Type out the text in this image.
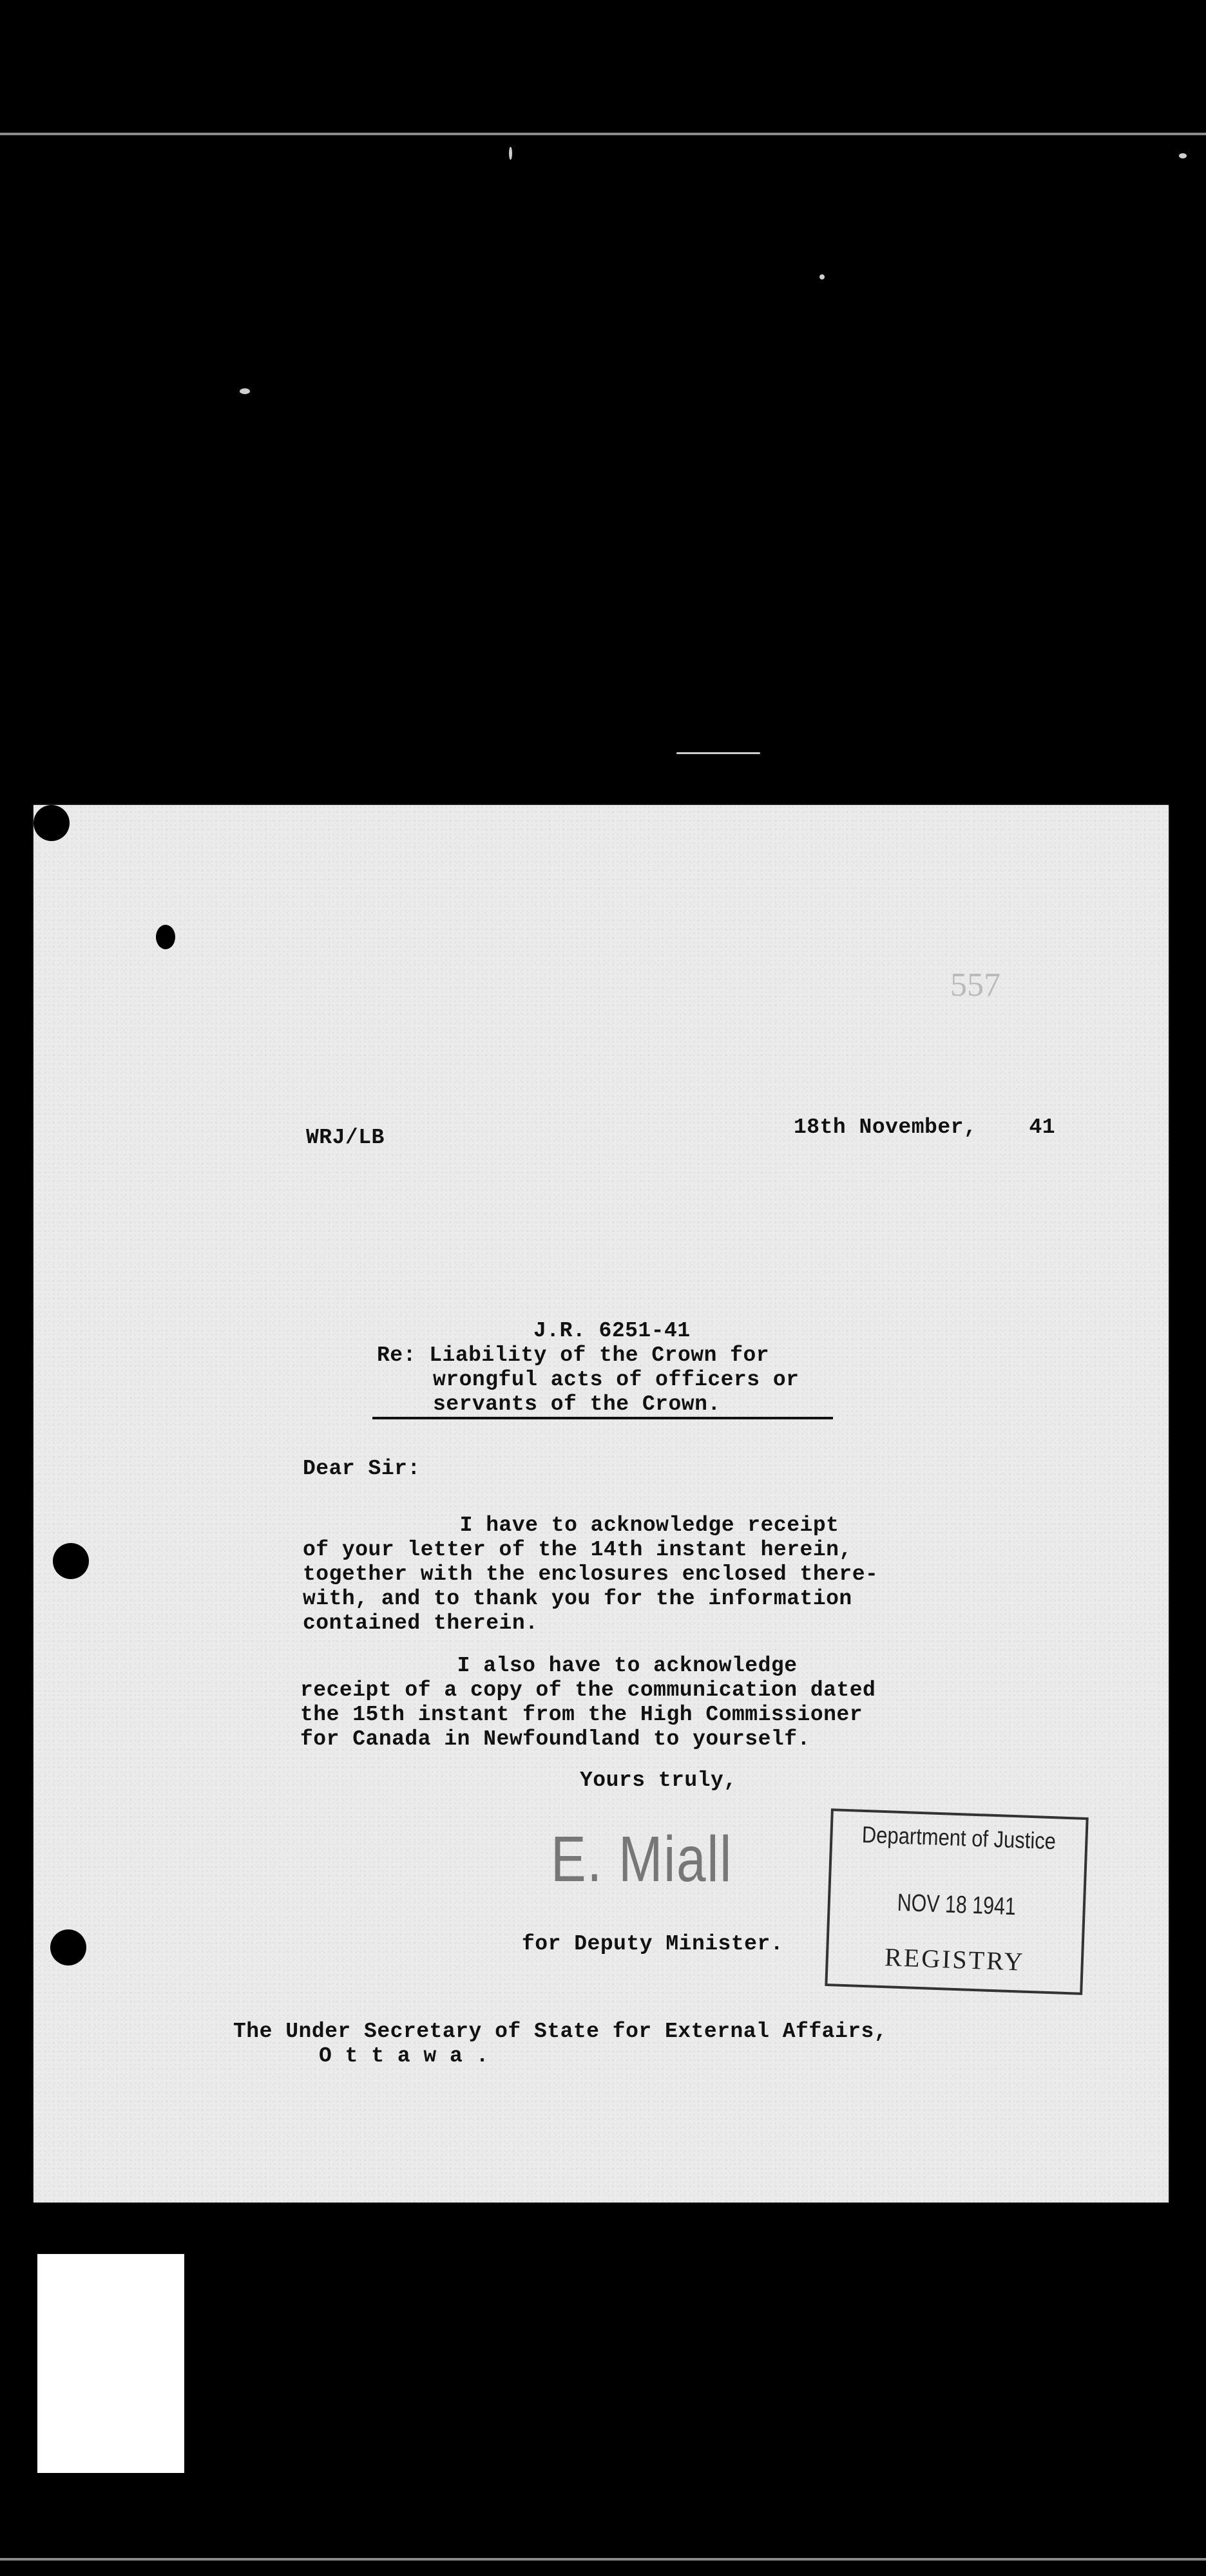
557
WRJ/LB	18th November,    41
J.R. 6251-41
Re: Liability of the Crown for
wrongful acts of officers or
servants of the Crown.
Dear Sir:
I have to acknowledge receipt
of your letter of the 14th instant herein,
together with the enclosures enclosed there-
with, and to thank you for the information
contained therein.
I also have to acknowledge
receipt of a copy of the communication dated
the 15th instant from the High Commissioner
for Canada in Newfoundland to yourself.
Yours truly,
E. Miall
for Deputy Minister.
Department of Justice
NOV 18 1941
REGISTRY
The Under Secretary of State for External Affairs,
O t t a w a .
